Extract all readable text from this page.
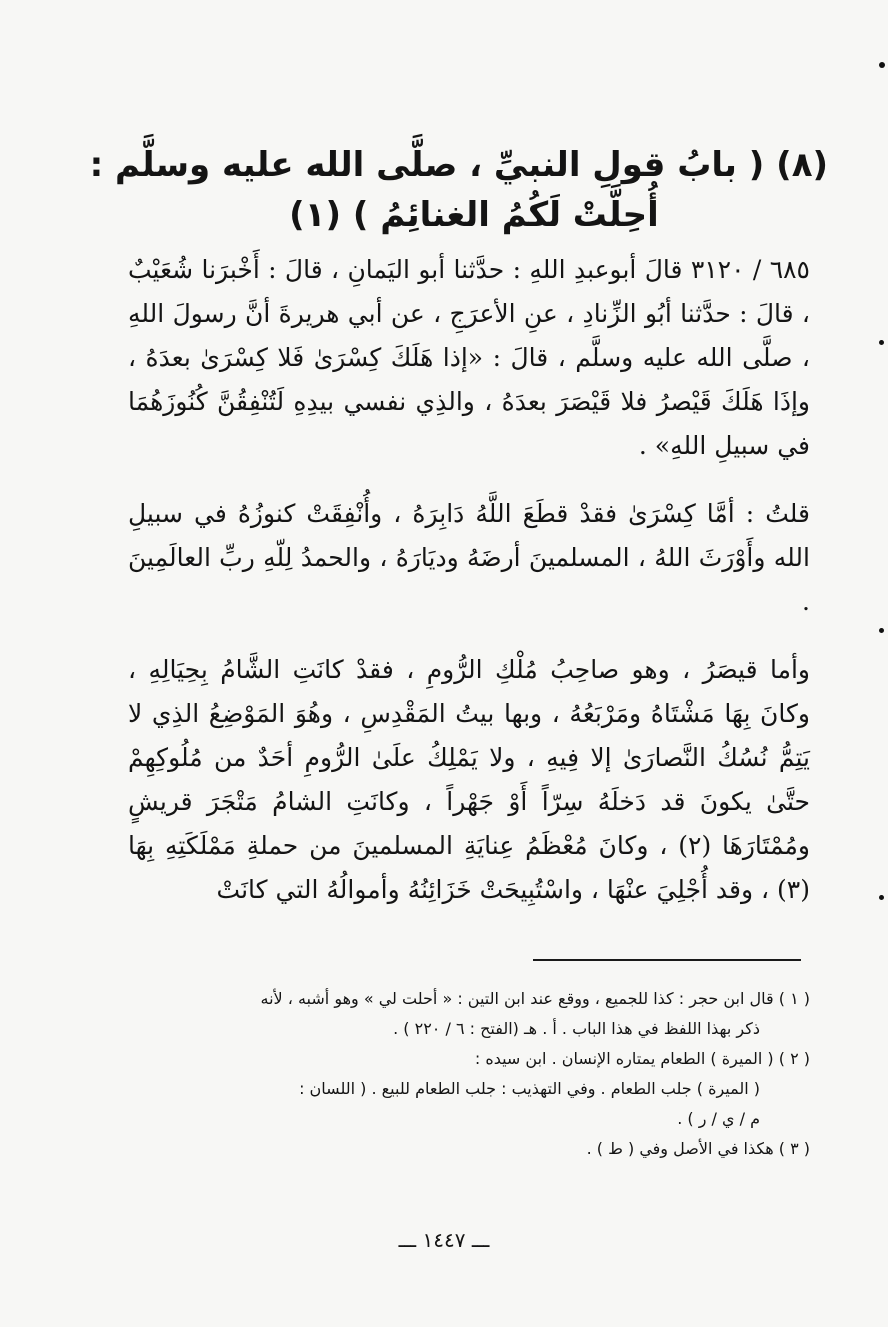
(٨) ( بابُ قولِ النبيِّ ، صلَّى الله عليه وسلَّم :
أُحِلَّتْ لَكُمُ الغنائِمُ ) (١)

٦٨٥ / ٣١٢٠ قالَ أبوعبدِ اللهِ : حدَّثنا أبو اليَمانِ ، قالَ : أَخْبرَنا شُعَيْبٌ ، قالَ : حدَّثنا أبُو الزِّنادِ ، عنِ الأعرَجِ ، عن أبي هريرةَ أنَّ رسولَ اللهِ ، صلَّى الله عليه وسلَّم ، قالَ : «إذا هَلَكَ كِسْرَىٰ فَلا كِسْرَىٰ بعدَهُ ، وإذَا هَلَكَ قَيْصرُ فلا قَيْصَرَ بعدَهُ ، والذِي نفسي بيدِهِ لَتُنْفِقُنَّ كُنُوزَهُمَا في سبيلِ اللهِ» .

قلتُ : أمَّا كِسْرَىٰ فقدْ قطَعَ اللَّهُ دَابِرَهُ ، وأُنْفِقَتْ كنوزُهُ في سبيلِ الله وأَوْرَثَ اللهُ ، المسلمينَ أرضَهُ وديَارَهُ ، والحمدُ لِلّهِ ربِّ العالَمِينَ .

وأما قيصَرُ ، وهو صاحِبُ مُلْكِ الرُّومِ ، فقدْ كانَتِ الشَّامُ بِحِيَالِهِ ، وكانَ بِهَا مَشْتَاهُ ومَرْبَعُهُ ، وبها بيتُ المَقْدِسِ ، وهُوَ المَوْضِعُ الذِي لا يَتِمُّ نُسُكُ النَّصارَىٰ إلا فِيهِ ، ولا يَمْلِكُ علَىٰ الرُّومِ أحَدٌ من مُلُوكِهِمْ حتَّىٰ يكونَ قد دَخلَهُ سِرّاً أَوْ جَهْراً ، وكانَتِ الشامُ مَتْجَرَ قريشٍ ومُمْتَارَهَا (٢) ، وكانَ مُعْظَمُ عِنايَةِ المسلمينَ من حملةِ مَمْلَكَتِهِ بِهَا (٣) ، وقد أُجْلِيَ عنْهَا ، واسْتُبِيحَتْ خَزَائِنُهُ وأموالُهُ التي كانَتْ

( ١ ) قال ابن حجر : كذا للجميع ، ووقع عند ابن التين : « أحلت لي » وهو أشبه ، لأنه

ذكر بهذا اللفظ في هذا الباب . أ . هـ (الفتح : ٦ / ٢٢٠ ) .

( ٢ ) ( الميرة ) الطعام يمتاره الإنسان . ابن سيده :

( الميرة ) جلب الطعام . وفي التهذيب : جلب الطعام للبيع . ( اللسان :

م / ي / ر ) .

( ٣ ) هكذا في الأصل وفي ( ط ) .

ـــ ١٤٤٧ ـــ
